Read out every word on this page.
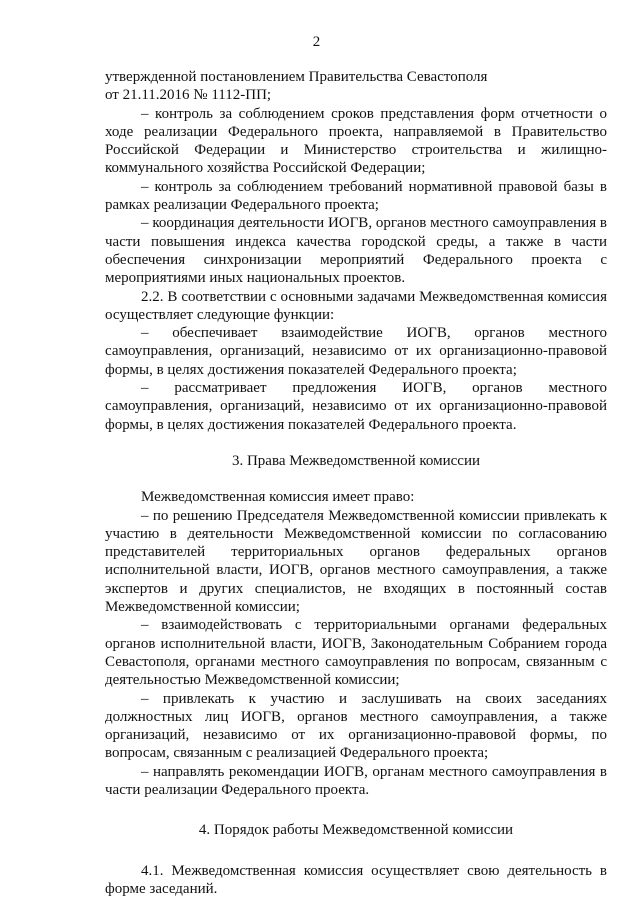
2

утвержденной постановлением Правительства Севастополя

от 21.11.2016 № 1112-ПП;

– контроль за соблюдением сроков представления форм отчетности о ходе реализации Федерального проекта, направляемой в Правительство Российской Федерации и Министерство строительства и жилищно-коммунального хозяйства Российской Федерации;

– контроль за соблюдением требований нормативной правовой базы в рамках реализации Федерального проекта;

– координация деятельности ИОГВ, органов местного самоуправления в части повышения индекса качества городской среды, а также в части обеспечения синхронизации мероприятий Федерального проекта с мероприятиями иных национальных проектов.

2.2. В соответствии с основными задачами Межведомственная комиссия осуществляет следующие функции:

– обеспечивает взаимодействие ИОГВ, органов местного самоуправления, организаций, независимо от их организационно-правовой формы, в целях достижения показателей Федерального проекта;

– рассматривает предложения ИОГВ, органов местного самоуправления, организаций, независимо от их организационно-правовой формы, в целях достижения показателей Федерального проекта.

3. Права Межведомственной комиссии

Межведомственная комиссия имеет право:

– по решению Председателя Межведомственной комиссии привлекать к участию в деятельности Межведомственной комиссии по согласованию представителей территориальных органов федеральных органов исполнительной власти, ИОГВ, органов местного самоуправления, а также экспертов и других специалистов, не входящих в постоянный состав Межведомственной комиссии;

– взаимодействовать с территориальными органами федеральных органов исполнительной власти, ИОГВ, Законодательным Собранием города Севастополя, органами местного самоуправления по вопросам, связанным с деятельностью Межведомственной комиссии;

– привлекать к участию и заслушивать на своих заседаниях должностных лиц ИОГВ, органов местного самоуправления, а также организаций, независимо от их организационно-правовой формы, по вопросам, связанным с реализацией Федерального проекта;

– направлять рекомендации ИОГВ, органам местного самоуправления в части реализации Федерального проекта.

4. Порядок работы Межведомственной комиссии

4.1. Межведомственная комиссия осуществляет свою деятельность в форме заседаний.
